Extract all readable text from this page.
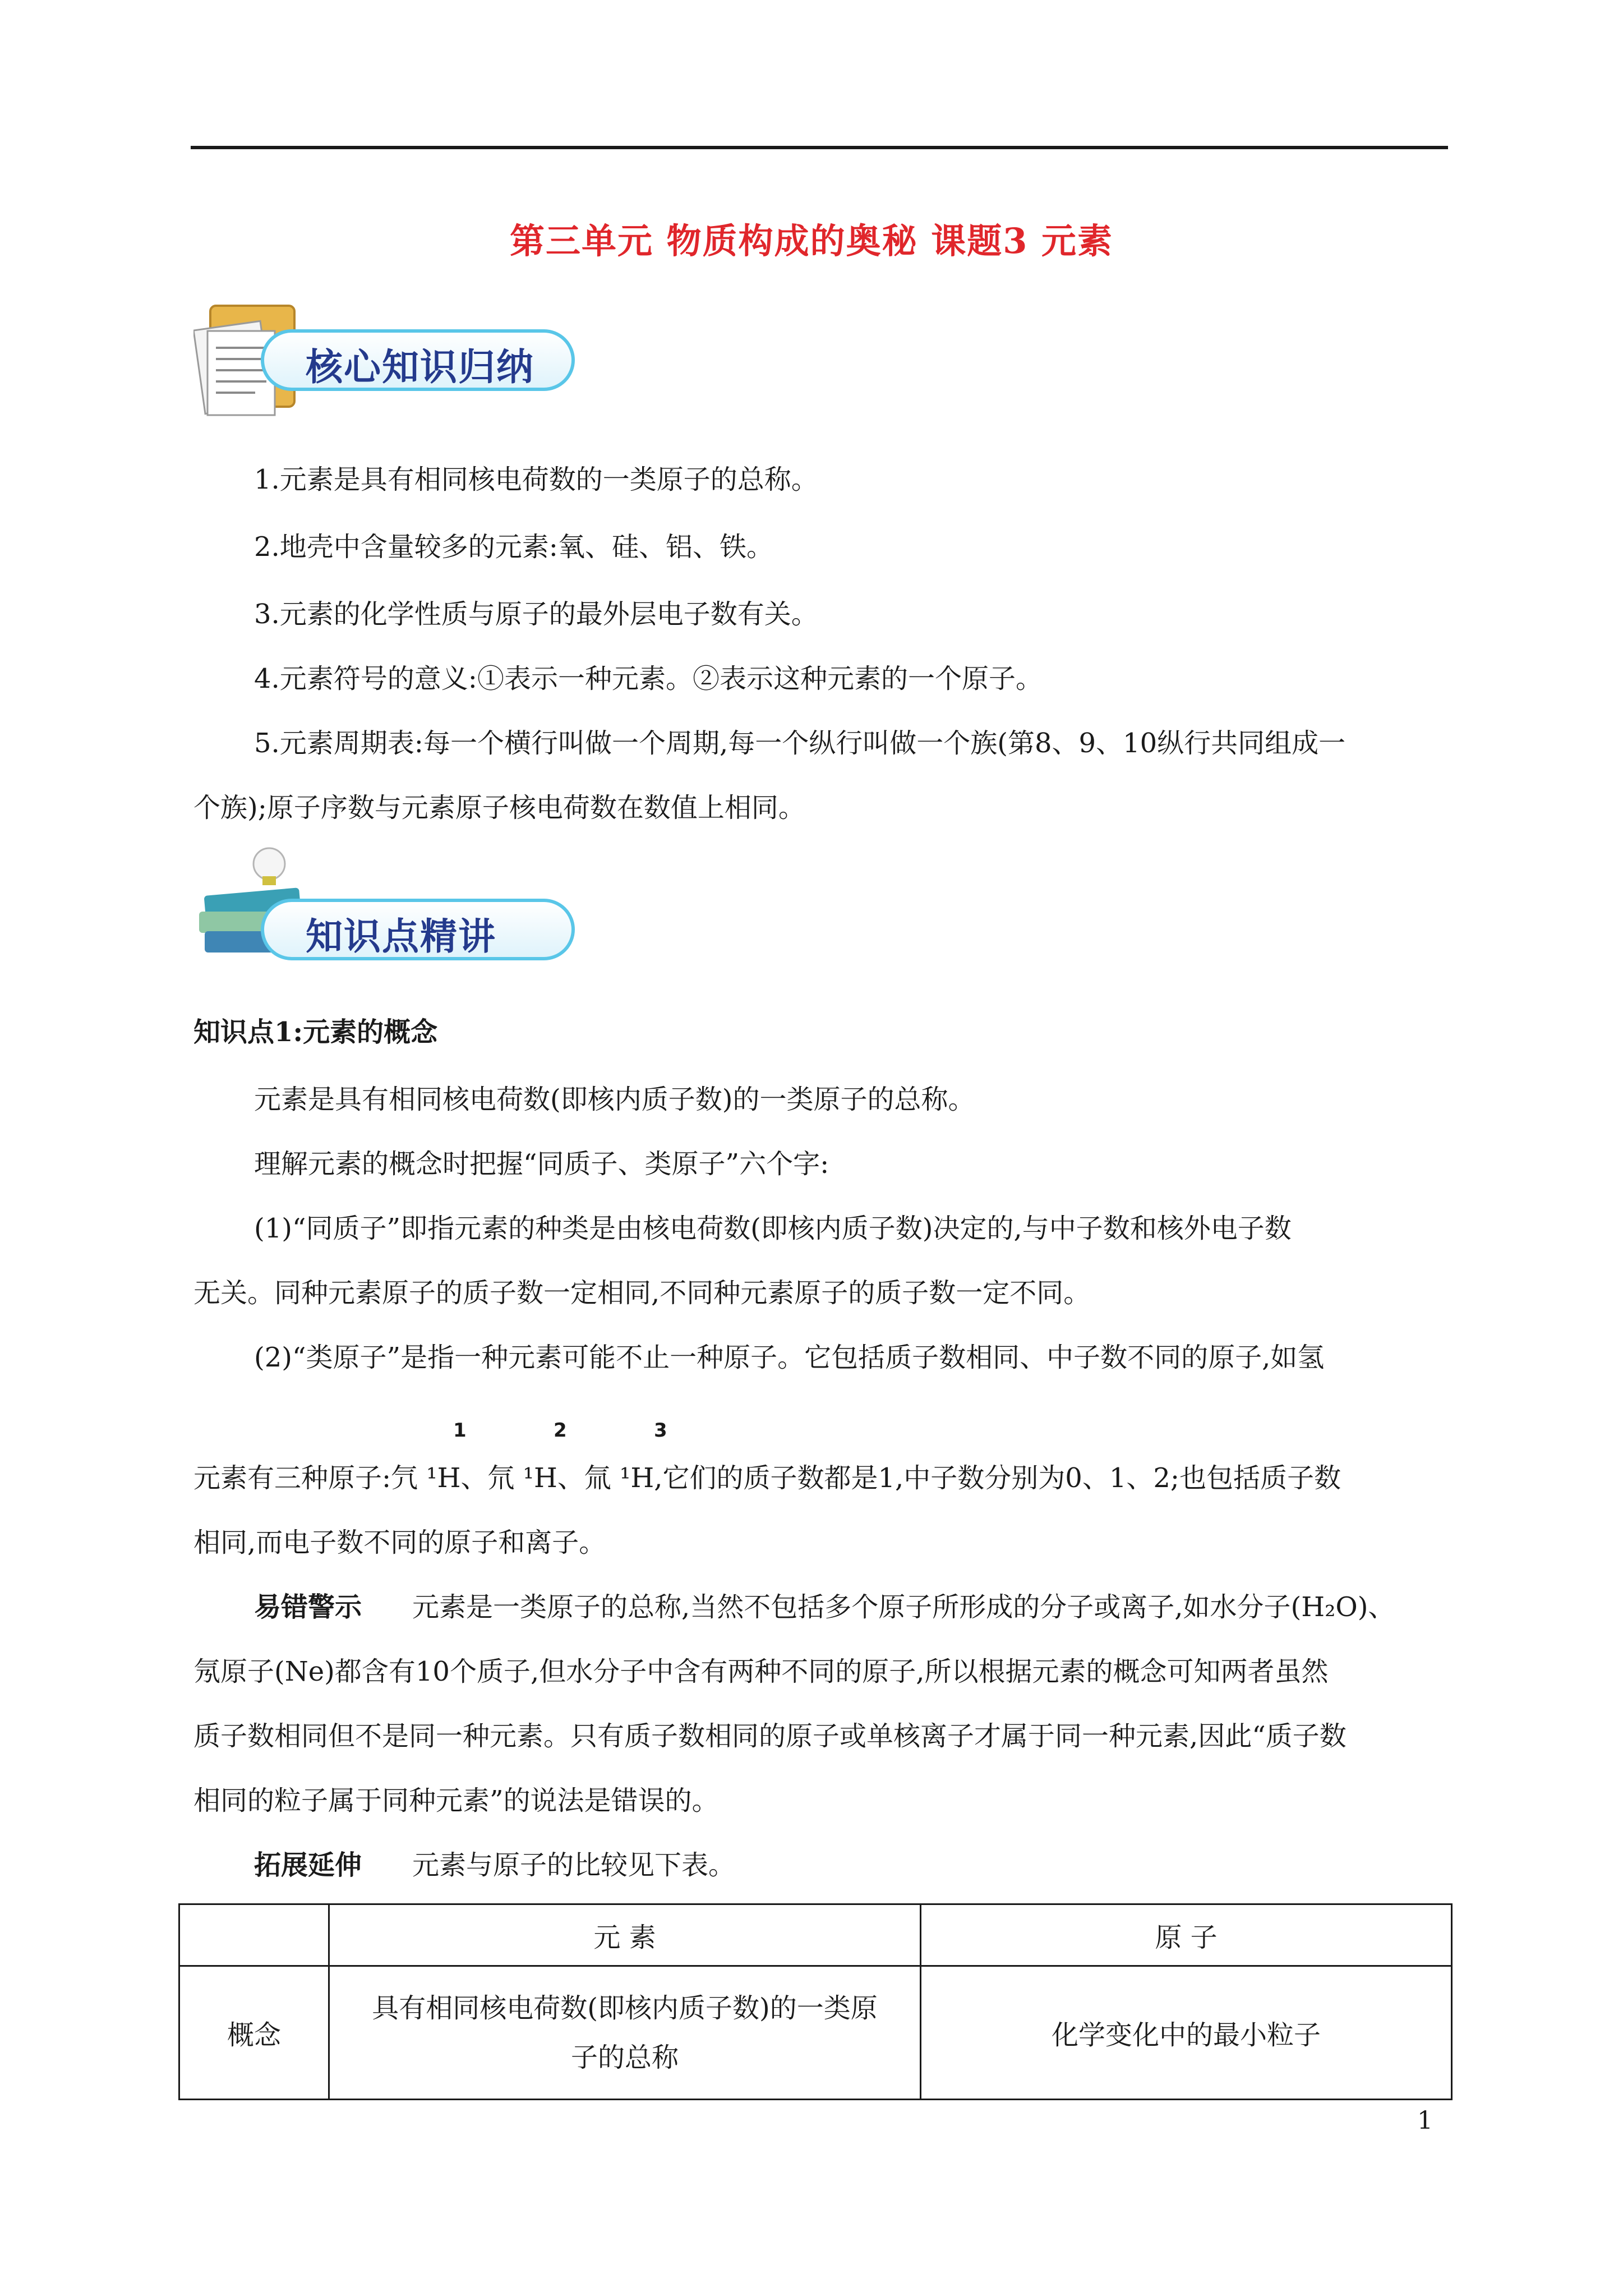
第三单元 物质构成的奥秘 课题3 元素
核心知识归纳
1.元素是具有相同核电荷数的一类原子的总称。
2.地壳中含量较多的元素:氧、硅、铝、铁。
3.元素的化学性质与原子的最外层电子数有关。
4.元素符号的意义:①表示一种元素。②表示这种元素的一个原子。
5.元素周期表:每一个横行叫做一个周期,每一个纵行叫做一个族(第8、9、10纵行共同组成一
个族);原子序数与元素原子核电荷数在数值上相同。
知识点精讲
知识点1:元素的概念
元素是具有相同核电荷数(即核内质子数)的一类原子的总称。
理解元素的概念时把握“同质子、类原子”六个字:
(1)“同质子”即指元素的种类是由核电荷数(即核内质子数)决定的,与中子数和核外电子数
无关。同种元素原子的质子数一定相同,不同种元素原子的质子数一定不同。
(2)“类原子”是指一种元素可能不止一种原子。它包括质子数相同、中子数不同的原子,如氢
1	2	3
元素有三种原子:氕 ¹H、氘 ¹H、氚 ¹H,它们的质子数都是1,中子数分别为0、1、2;也包括质子数
相同,而电子数不同的原子和离子。
易错警示 元素是一类原子的总称,当然不包括多个原子所形成的分子或离子,如水分子(H₂O)、
氖原子(Ne)都含有10个质子,但水分子中含有两种不同的原子,所以根据元素的概念可知两者虽然
质子数相同但不是同一种元素。只有质子数相同的原子或单核离子才属于同一种元素,因此“质子数
相同的粒子属于同种元素”的说法是错误的。
拓展延伸 元素与原子的比较见下表。
	元 素	原 子
概念	具有相同核电荷数(即核内质子数)的一类原
子的总称	化学变化中的最小粒子
1
